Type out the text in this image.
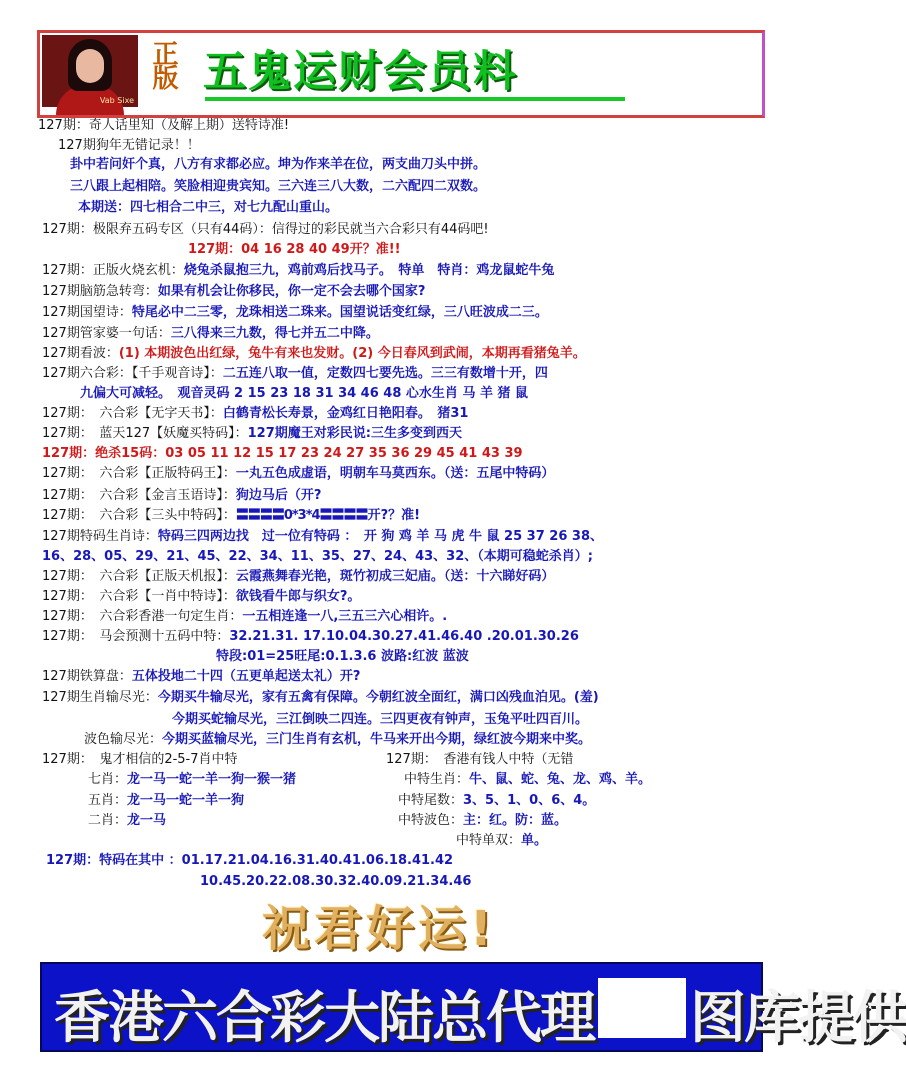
Vab Sixe
正版 五鬼运财会员料
127期：奇人话里知（及解上期）送特诗准!
127期狗年无错记录！！
卦中若问奸个真，八方有求都必应。坤为作来羊在位，两支曲刀头中拼。
三八跟上起相陪。笑脸相迎贵宾知。三六连三八大数，二六配四二双数。
本期送：四七相合二中三，对七九配山重山。
127期：极限弃五码专区（只有44码）：信得过的彩民就当六合彩只有44码吧!
127期：04 16 28 40 49开？准!!
127期：正版火烧玄机：烧兔杀鼠抱三九，鸡前鸡后找马子。　特单　特肖：鸡龙鼠蛇牛兔
127期脑筋急转弯：如果有机会让你移民，你一定不会去哪个国家?
127期国望诗：特尾必中二三零，龙珠相送二珠来。国望说话变红绿，三八旺波成二三。
127期管家婆一句话：三八得来三九数，得七并五二中降。
127期看波：(1) 本期波色出红绿，兔牛有来也发财。(2) 今日春风到武闹，本期再看猪兔羊。
127期六合彩：【千手观音诗】：二五连八取一值，定数四七要先选。三三有数增十开，四
九偏大可减轻。　观音灵码 2 15 23 18 31 34 46 48 心水生肖 马 羊 猪 鼠
127期：　六合彩【无字天书】：白鹤青松长寿景，金鸡红日艳阳春。　猪31
127期：　蓝天127【妖魔买特码】：127期魔王对彩民说:三生多变到西天
127期：绝杀15码：03 05 11 12 15 17 23 24 27 35 36 29 45 41 43 39
127期：　六合彩【正版特码王】：一丸五色成虚语，明朝车马莫西东。（送：五尾中特码）
127期：　六合彩【金言玉语诗】：狗边马后（开?
127期：　六合彩【三头中特码】：〓〓〓〓0*3*4〓〓〓〓开?？准!
127期特码生肖诗：特码三四两边找　过一位有特码 ：　开 狗 鸡 羊 马 虎 牛 鼠 25 37 26 38、
16、28、05、29、21、45、22、34、11、35、27、24、43、32、（本期可稳蛇杀肖）;
127期：　六合彩【正版天机报】：云霞燕舞春光艳，斑竹初成三妃庙。（送：十六睇好码）
127期：　六合彩【一肖中特诗】：欲钱看牛郎与织女?。
127期：　六合彩香港一句定生肖：一五相连逢一八,三五三六心相许。.
127期：　马会预测十五码中特：32.21.31. 17.10.04.30.27.41.46.40 .20.01.30.26
特段:01=25旺尾:0.1.3.6 波路:红波 蓝波
127期铁算盘：五体投地二十四（五更单起送太礼）开?
127期生肖输尽光：今期买牛输尽光，家有五禽有保障。今朝红波全面红，满口凶残血泊见。(羞)
今期买蛇输尽光，三江倒映二四连。三四更夜有钟声，玉兔平吐四百川。
波色输尽光：今期买蓝输尽光，三门生肖有玄机，牛马来开出今期，绿红波今期来中奖。
127期：　鬼才相信的2-5-7肖中特	127期：　香港有钱人中特（无错
七肖：龙一马一蛇一羊一狗一猴一猪	中特生肖：牛、鼠、蛇、兔、龙、鸡、羊。
五肖：龙一马一蛇一羊一狗	中特尾数：3、5、1、0、6、4。
二肖：龙一马	中特波色：主：红。防：蓝。
中特单双：单。
127期：特码在其中 ：01.17.21.04.16.31.40.41.06.18.41.42
10.45.20.22.08.30.32.40.09.21.34.46
祝君好运!
香港六合彩大陆总代理 图库提供
